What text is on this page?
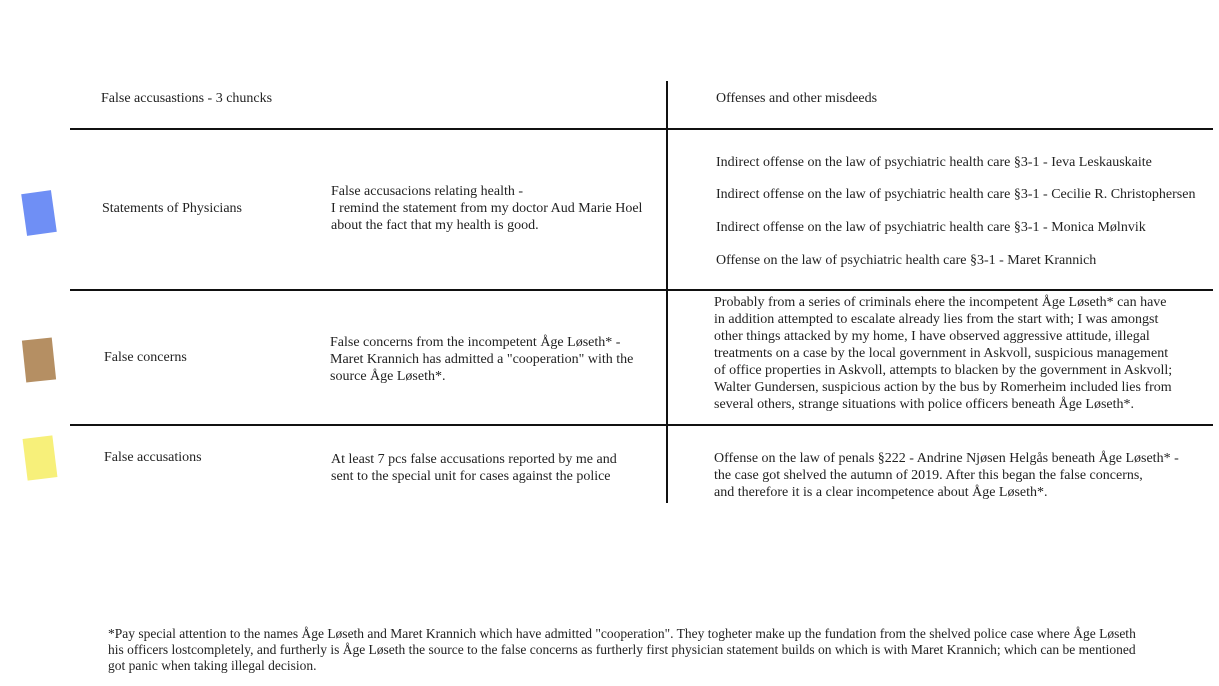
False accusastions - 3 chuncks	Offenses and other misdeeds
Statements of Physicians
False accusacions relating health -
I remind the statement from my doctor Aud Marie Hoel
about the fact that my health is good.
Indirect offense on the law of psychiatric health care §3-1 - Ieva Leskauskaite
Indirect offense on the law of psychiatric health care §3-1 - Cecilie R. Christophersen
Indirect offense on the law of psychiatric health care §3-1 - Monica Mølnvik
Offense on the law of psychiatric health care §3-1 - Maret Krannich
False concerns
False concerns from the incompetent Åge Løseth* -
Maret Krannich has admitted a "cooperation" with the
source Åge Løseth*.
Probably from a series of criminals ehere the incompetent Åge Løseth* can have
in addition attempted to escalate already lies from the start with; I was amongst
other things attacked by my home, I have observed aggressive attitude, illegal
treatments on a case by the local government in Askvoll, suspicious management
of office properties in Askvoll, attempts to blacken by the government in Askvoll;
Walter Gundersen, suspicious action by the bus by Romerheim included lies from
several others, strange situations with police officers beneath Åge Løseth*.
False accusations	At least 7 pcs false accusations reported by me and
sent to the special unit for cases against the police
Offense on the law of penals §222 - Andrine Njøsen Helgås beneath Åge Løseth* -
the case got shelved the autumn of 2019. After this began the false concerns,
and therefore it is a clear incompetence about Åge Løseth*.
*Pay special attention to the names Åge Løseth and Maret Krannich which have admitted "cooperation". They togheter make up the fundation from the shelved police case where Åge Løseth
his officers lostcompletely, and furtherly is Åge Løseth the source to the false concerns as furtherly first physician statement builds on which is with Maret Krannich; which can be mentioned
got panic when taking illegal decision.
